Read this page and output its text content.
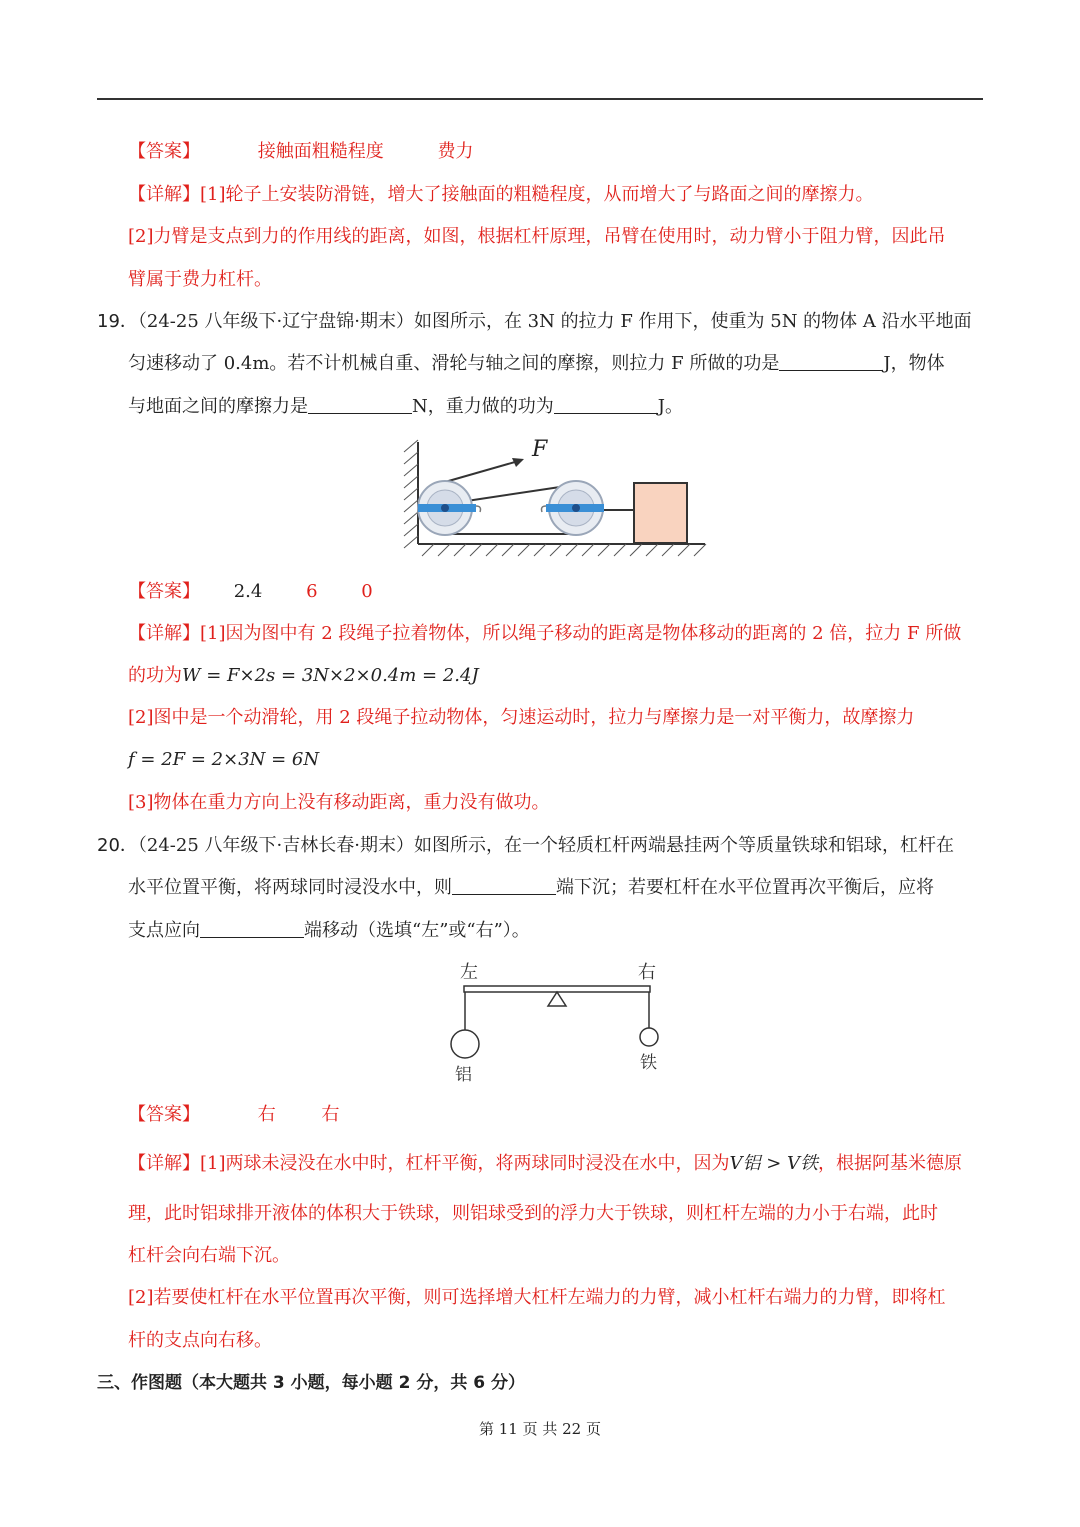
【答案】	接触面粗糙程度	费力
【详解】[1]轮子上安装防滑链，增大了接触面的粗糙程度，从而增大了与路面之间的摩擦力。
[2]力臂是支点到力的作用线的距离，如图，根据杠杆原理，吊臂在使用时，动力臂小于阻力臂，因此吊
臂属于费力杠杆。
19．（24-25 八年级下·辽宁盘锦·期末）如图所示，在 3N 的拉力 F 作用下，使重为 5N 的物体 A 沿水平地面
匀速移动了 0.4m。若不计机械自重、滑轮与轴之间的摩擦，则拉力 F 所做的功是	J，物体
与地面之间的摩擦力是	N，重力做的功为	J。
F
【答案】 2.4 6 0
【详解】[1]因为图中有 2 段绳子拉着物体，所以绳子移动的距离是物体移动的距离的 2 倍，拉力 F 所做
的功为W = F×2s = 3N×2×0.4m = 2.4J
[2]图中是一个动滑轮，用 2 段绳子拉动物体，匀速运动时，拉力与摩擦力是一对平衡力，故摩擦力
f = 2F = 2×3N = 6N
[3]物体在重力方向上没有移动距离，重力没有做功。
20．（24-25 八年级下·吉林长春·期末）如图所示，在一个轻质杠杆两端悬挂两个等质量铁球和铝球，杠杆在
水平位置平衡，将两球同时浸没水中，则	端下沉；若要杠杆在水平位置再次平衡后，应将
支点应向	端移动（选填“左”或“右”）。
左	右
铝
铁
【答案】	右	右
【详解】[1]两球未浸没在水中时，杠杆平衡，将两球同时浸没在水中，因为V铝 > V铁，根据阿基米德原
理，此时铝球排开液体的体积大于铁球，则铝球受到的浮力大于铁球，则杠杆左端的力小于右端，此时
杠杆会向右端下沉。
[2]若要使杠杆在水平位置再次平衡，则可选择增大杠杆左端力的力臂，减小杠杆右端力的力臂，即将杠
杆的支点向右移。
三、作图题（本大题共 3 小题，每小题 2 分，共 6 分）
第 11 页 共 22 页
